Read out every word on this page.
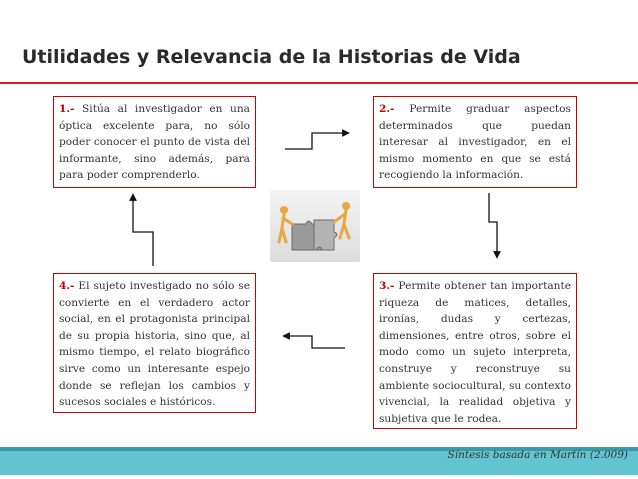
Utilidades y Relevancia de la Historias de Vida
1.- Sitúa al investigador en una óptica excelente para, no sólo poder conocer el punto de vista del informante, sino además, para para poder comprenderlo.
2.- Permite graduar aspectos determinados que puedan interesar al investigador, en el mismo momento en que se está recogiendo la información.
3.- Permite obtener tan importante riqueza de matices, detalles, ironías, dudas y certezas, dimensiones, entre otros, sobre el modo como un sujeto interpreta, construye y reconstruye su ambiente sociocultural, su contexto vivencial, la realidad objetiva y subjetiva que le rodea.
4.- El sujeto investigado no sólo se convierte en el verdadero actor social, en el protagonista principal de su propia historia, sino que, al mismo tiempo, el relato biográfico sirve como un interesante espejo donde se reflejan los cambios y sucesos sociales e históricos.
Síntesis basada en Martín (2.009)
